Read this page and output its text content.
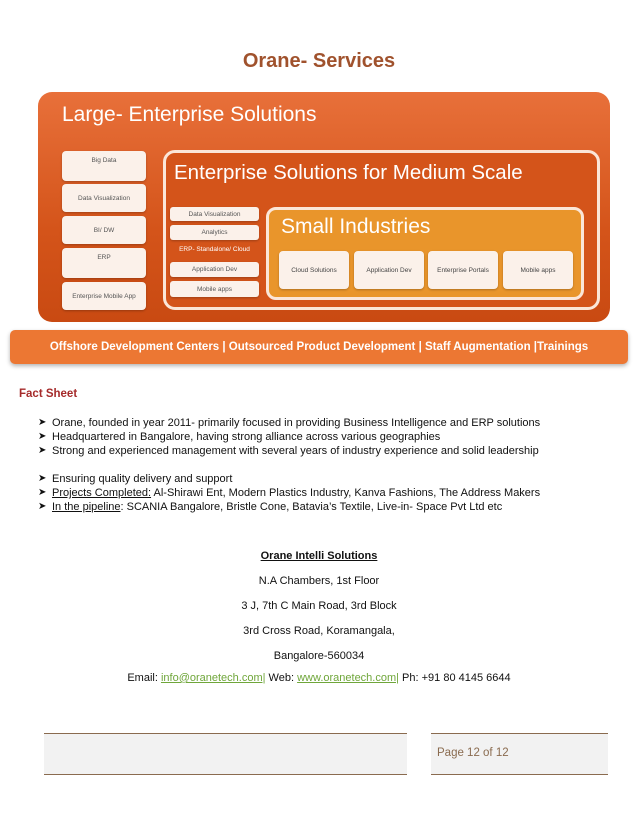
Orane- Services
Large- Enterprise Solutions
Big Data
Data Visualization
BI/ DW
ERP
Enterprise Mobile App
Enterprise Solutions for Medium Scale
Data Visualization
Analytics
ERP- Standalone/ Cloud
Application Dev
Mobile apps
Small Industries
Cloud Solutions	Application Dev	Enterprise Portals	Mobile apps
Offshore Development Centers | Outsourced Product Development | Staff Augmentation |Trainings
Fact Sheet
➤ Orane, founded in year 2011- primarily focused in providing Business Intelligence and ERP solutions
➤ Headquartered in Bangalore, having strong alliance across various geographies
➤ Strong and experienced management with several years of industry experience and solid leadership
➤ Ensuring quality delivery and support
➤ Projects Completed: Al-Shirawi Ent, Modern Plastics Industry, Kanva Fashions, The Address Makers
➤ In the pipeline: SCANIA Bangalore, Bristle Cone, Batavia’s Textile, Live-in- Space Pvt Ltd etc
Orane Intelli Solutions
N.A Chambers, 1st Floor
3 J, 7th C Main Road, 3rd Block
3rd Cross Road, Koramangala,
Bangalore-560034
Email: info@oranetech.com| Web: www.oranetech.com| Ph: +91 80 4145 6644
Page 12 of 12
